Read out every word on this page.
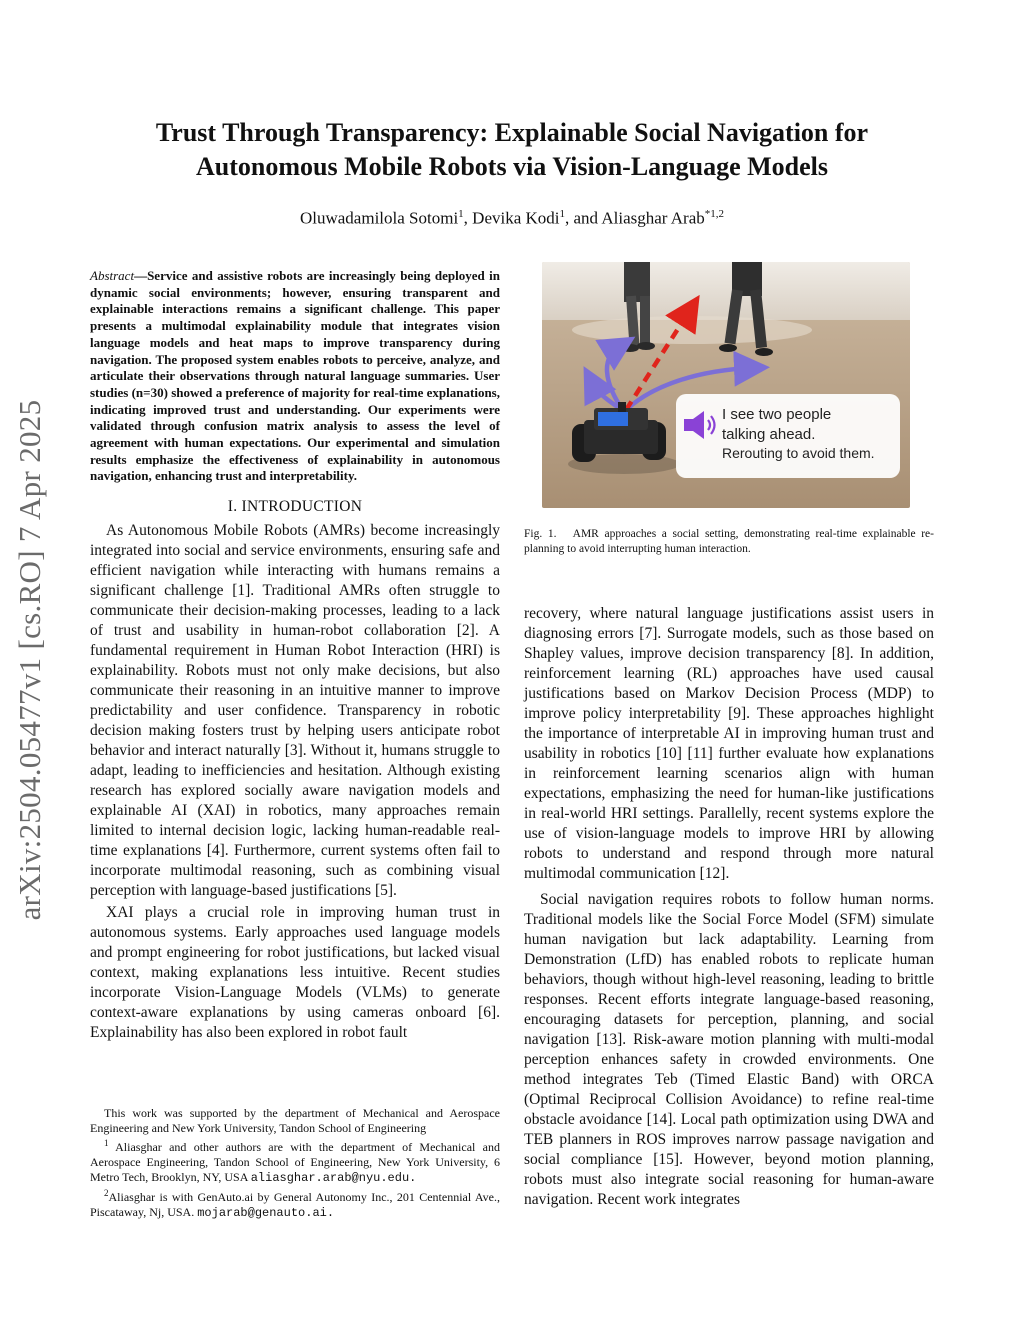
arXiv:2504.05477v1 [cs.RO] 7 Apr 2025
Trust Through Transparency: Explainable Social Navigation for
Autonomous Mobile Robots via Vision-Language Models
Oluwadamilola Sotomi$^1$, Devika Kodi$^1$, and Aliasghar Arab$^{*1,2}$

Abstract—Service and assistive robots are increasingly being deployed in dynamic social environments; however, ensuring transparent and explainable interactions remains a significant challenge. This paper presents a multimodal explainability module that integrates vision language models and heat maps to improve transparency during navigation. The proposed system enables robots to perceive, analyze, and articulate their observations through natural language summaries. User studies (n=30) showed a preference of majority for real-time explanations, indicating improved trust and understanding. Our experiments were validated through confusion matrix analysis to assess the level of agreement with human expectations. Our experimental and simulation results emphasize the effectiveness of explainability in autonomous navigation, enhancing trust and interpretability.

I. INTRODUCTION

As Autonomous Mobile Robots (AMRs) become increasingly integrated into social and service environments, ensuring safe and efficient navigation while interacting with humans remains a significant challenge [1]. Traditional AMRs often struggle to communicate their decision-making processes, leading to a lack of trust and usability in human-robot collaboration [2]. A fundamental requirement in Human Robot Interaction (HRI) is explainability. Robots must not only make decisions, but also communicate their reasoning in an intuitive manner to improve predictability and user confidence. Transparency in robotic decision making fosters trust by helping users anticipate robot behavior and interact naturally [3]. Without it, humans struggle to adapt, leading to inefficiencies and hesitation. Although existing research has explored socially aware navigation models and explainable AI (XAI) in robotics, many approaches remain limited to internal decision logic, lacking human-readable real-time explanations [4]. Furthermore, current systems often fail to incorporate multimodal reasoning, such as combining visual perception with language-based justifications [5].

XAI plays a crucial role in improving human trust in autonomous systems. Early approaches used language models and prompt engineering for robot justifications, but lacked visual context, making explanations less intuitive. Recent studies incorporate Vision-Language Models (VLMs) to generate context-aware explanations by using cameras onboard [6]. Explainability has also been explored in robot fault

This work was supported by the department of Mechanical and Aerospace Engineering and New York University, Tandon School of Engineering

$^1$ Aliasghar and other authors are with the department of Mechanical and Aerospace Engineering, Tandon School of Engineering, New York University, 6 Metro Tech, Brooklyn, NY, USA aliasghar.arab@nyu.edu.

$^2$Aliasghar is with GenAuto.ai by General Autonomy Inc., 201 Centennial Ave., Piscataway, Nj, USA. mojarab@genauto.ai.

I see two people
talking ahead.
Rerouting to avoid them.
Fig. 1. AMR approaches a social setting, demonstrating real-time explainable re-planning to avoid interrupting human interaction.

recovery, where natural language justifications assist users in diagnosing errors [7]. Surrogate models, such as those based on Shapley values, improve decision transparency [8]. In addition, reinforcement learning (RL) approaches have used causal justifications based on Markov Decision Process (MDP) to improve policy interpretability [9]. These approaches highlight the importance of interpretable AI in improving human trust and usability in robotics [10] [11] further evaluate how explanations in reinforcement learning scenarios align with human expectations, emphasizing the need for human-like justifications in real-world HRI settings. Parallelly, recent systems explore the use of vision-language models to improve HRI by allowing robots to understand and respond through more natural multimodal communication [12].

Social navigation requires robots to follow human norms. Traditional models like the Social Force Model (SFM) simulate human navigation but lack adaptability. Learning from Demonstration (LfD) has enabled robots to replicate human behaviors, though without high-level reasoning, leading to brittle responses. Recent efforts integrate language-based reasoning, encouraging datasets for perception, planning, and social navigation [13]. Risk-aware motion planning with multi-modal perception enhances safety in crowded environments. One method integrates Teb (Timed Elastic Band) with ORCA (Optimal Reciprocal Collision Avoidance) to refine real-time obstacle avoidance [14]. Local path optimization using DWA and TEB planners in ROS improves narrow passage navigation and social compliance [15]. However, beyond motion planning, robots must also integrate social reasoning for human-aware navigation. Recent work integrates
